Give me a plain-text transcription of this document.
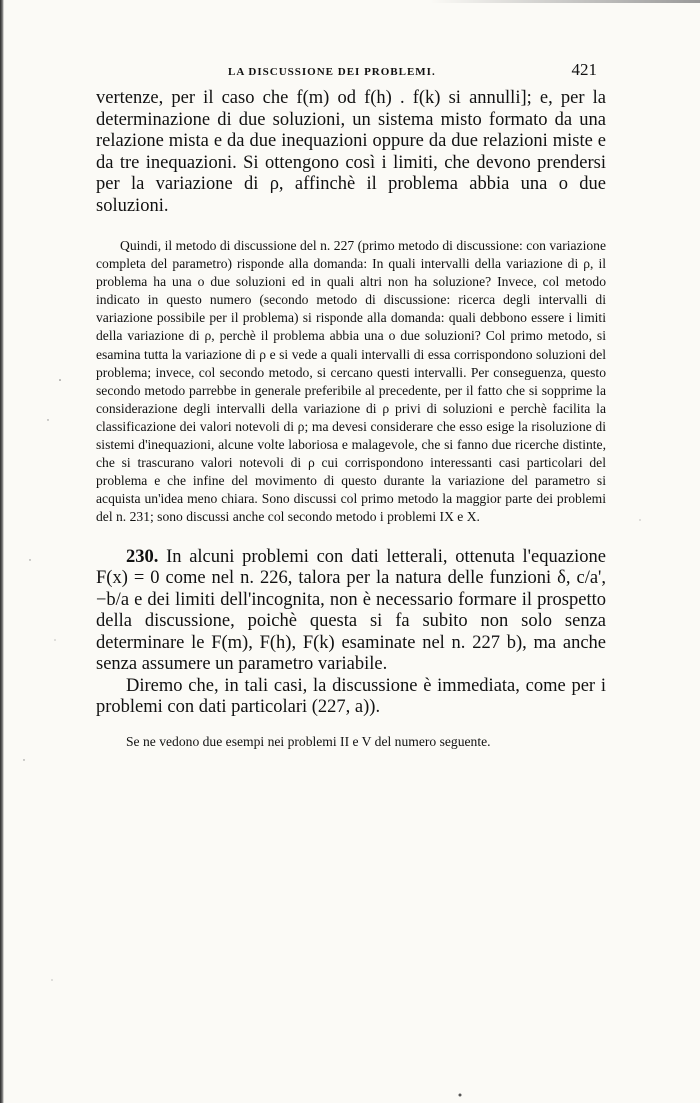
LA DISCUSSIONE DEI PROBLEMI.	421

vertenze, per il caso che f(m) od f(h) . f(k) si annulli]; e, per la determinazione di due soluzioni, un sistema misto formato da una relazione mista e da due inequazioni oppure da due relazioni miste e da tre inequazioni. Si ottengono così i limiti, che devono prendersi per la variazione di ρ, affinchè il problema abbia una o due soluzioni.

Quindi, il metodo di discussione del n. 227 (primo metodo di discussione: con variazione completa del parametro) risponde alla domanda: In quali intervalli della variazione di ρ, il problema ha una o due soluzioni ed in quali altri non ha soluzione? Invece, col metodo indicato in questo numero (secondo metodo di discussione: ricerca degli intervalli di variazione possibile per il problema) si risponde alla domanda: quali debbono essere i limiti della variazione di ρ, perchè il problema abbia una o due soluzioni? Col primo metodo, si esamina tutta la variazione di ρ e si vede a quali intervalli di essa corrispondono soluzioni del problema; invece, col secondo metodo, si cercano questi intervalli. Per conseguenza, questo secondo metodo parrebbe in generale preferibile al precedente, per il fatto che si sopprime la considerazione degli intervalli della variazione di ρ privi di soluzioni e perchè facilita la classificazione dei valori notevoli di ρ; ma devesi considerare che esso esige la risoluzione di sistemi d'inequazioni, alcune volte laboriosa e malagevole, che si fanno due ricerche distinte, che si trascurano valori notevoli di ρ cui corrispondono interessanti casi particolari del problema e che infine del movimento di questo durante la variazione del parametro si acquista un'idea meno chiara. Sono discussi col primo metodo la maggior parte dei problemi del n. 231; sono discussi anche col secondo metodo i problemi IX e X.

230. In alcuni problemi con dati letterali, ottenuta l'equazione F(x) = 0 come nel n. 226, talora per la natura delle funzioni δ, c/a', −b/a e dei limiti dell'incognita, non è necessario formare il prospetto della discussione, poichè questa si fa subito non solo senza determinare le F(m), F(h), F(k) esaminate nel n. 227 b), ma anche senza assumere un parametro variabile.

Diremo che, in tali casi, la discussione è immediata, come per i problemi con dati particolari (227, a)).

Se ne vedono due esempi nei problemi II e V del numero seguente.
